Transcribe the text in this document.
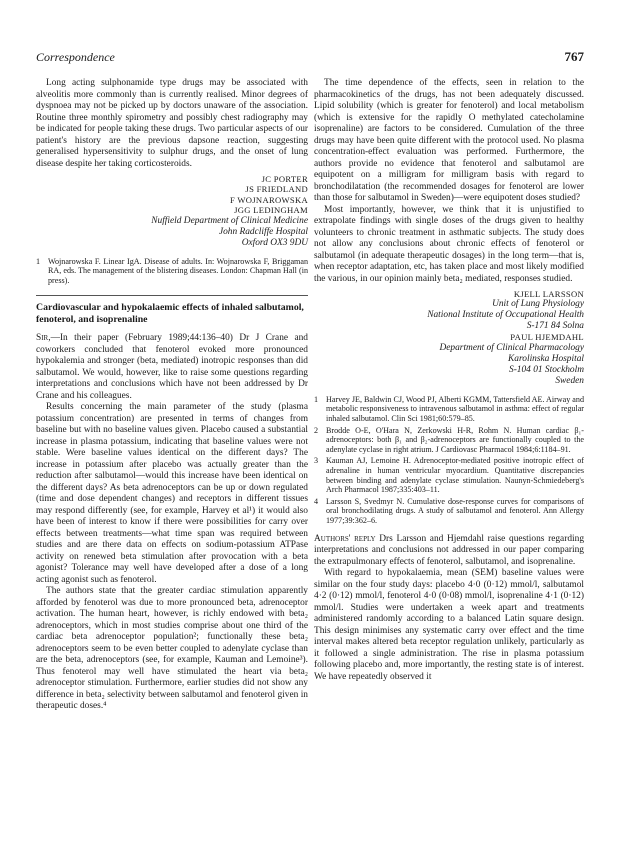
Correspondence	767

Long acting sulphonamide type drugs may be associated with alveolitis more commonly than is currently realised. Minor degrees of dyspnoea may not be picked up by doctors unaware of the association. Routine three monthly spirometry and possibly chest radiography may be indicated for people taking these drugs. Two particular aspects of our patient's history are the previous dapsone reaction, suggesting generalised hypersensitivity to sulphur drugs, and the onset of lung disease despite her taking corticosteroids.

JC PORTER
JS FRIEDLAND
F WOJNAROWSKA
JGG LEDINGHAM
Nuffield Department of Clinical Medicine
John Radcliffe Hospital
Oxford OX3 9DU
1 Wojnarowska F. Linear IgA. Disease of adults. In: Wojnarowska F, Briggaman RA, eds. The management of the blistering diseases. London: Chapman Hall (in press).
Cardiovascular and hypokalaemic effects of inhaled salbutamol, fenoterol, and isoprenaline

Sir,—In their paper (February 1989;44:136–40) Dr J Crane and coworkers concluded that fenoterol evoked more pronounced hypokalemia and stronger (beta, mediated) inotropic responses than did salbutamol. We would, however, like to raise some questions regarding interpretations and conclusions which have not been addressed by Dr Crane and his colleagues.

Results concerning the main parameter of the study (plasma potassium concentration) are presented in terms of changes from baseline but with no baseline values given. Placebo caused a substantial increase in plasma potassium, indicating that baseline values were not stable. Were baseline values identical on the different days? The increase in potassium after placebo was actually greater than the reduction after salbutamol—would this increase have been identical on the different days? As beta adrenoceptors can be up or down regulated (time and dose dependent changes) and receptors in different tissues may respond differently (see, for example, Harvey et al¹) it would also have been of interest to know if there were possibilities for carry over effects between treatments—what time span was required between studies and are there data on effects on sodium-potassium ATPase activity on renewed beta stimulation after provocation with a beta agonist? Tolerance may well have developed after a dose of a long acting agonist such as fenoterol.

The authors state that the greater cardiac stimulation apparently afforded by fenoterol was due to more pronounced beta, adrenoceptor activation. The human heart, however, is richly endowed with beta₂ adrenoceptors, which in most studies comprise about one third of the cardiac beta adrenoceptor population²; functionally these beta₂ adrenoceptors seem to be even better coupled to adenylate cyclase than are the beta, adrenoceptors (see, for example, Kauman and Lemoine³). Thus fenoterol may well have stimulated the heart via beta₂ adrenoceptor stimulation. Furthermore, earlier studies did not show any difference in beta₂ selectivity between salbutamol and fenoterol given in therapeutic doses.⁴

The time dependence of the effects, seen in relation to the pharmacokinetics of the drugs, has not been adequately discussed. Lipid solubility (which is greater for fenoterol) and local metabolism (which is extensive for the rapidly O methylated catecholamine isoprenaline) are factors to be considered. Cumulation of the three drugs may have been quite different with the protocol used. No plasma concentration-effect evaluation was performed. Furthermore, the authors provide no evidence that fenoterol and salbutamol are equipotent on a milligram for milligram basis with regard to bronchodilatation (the recommended dosages for fenoterol are lower than those for salbutamol in Sweden)—were equipotent doses studied?

Most importantly, however, we think that it is unjustified to extrapolate findings with single doses of the drugs given to healthy volunteers to chronic treatment in asthmatic subjects. The study does not allow any conclusions about chronic effects of fenoterol or salbutamol (in adequate therapeutic dosages) in the long term—that is, when receptor adaptation, etc, has taken place and most likely modified the various, in our opinion mainly beta₂ mediated, responses studied.

KJELL LARSSON
Unit of Lung Physiology
National Institute of Occupational Health
S-171 84 Solna
PAUL HJEMDAHL
Department of Clinical Pharmacology
Karolinska Hospital
S-104 01 Stockholm
Sweden
1 Harvey JE, Baldwin CJ, Wood PJ, Alberti KGMM, Tattersfield AE. Airway and metabolic responsiveness to intravenous salbutamol in asthma: effect of regular inhaled salbutamol. Clin Sci 1981;60:579–85.
2 Brodde O-E, O'Hara N, Zerkowski H-R, Rohm N. Human cardiac β₁-adrenoceptors: both β₁ and β₂-adrenoceptors are functionally coupled to the adenylate cyclase in right atrium. J Cardiovasc Pharmacol 1984;6:1184–91.
3 Kauman AJ, Lemoine H. Adrenoceptor-mediated positive inotropic effect of adrenaline in human ventricular myocardium. Quantitative discrepancies between binding and adenylate cyclase stimulation. Naunyn-Schmiedeberg's Arch Pharmacol 1987;335:403–11.
4 Larsson S, Svedmyr N. Cumulative dose-response curves for comparisons of oral bronchodilating drugs. A study of salbutamol and fenoterol. Ann Allergy 1977;39:362–6.

Authors' reply Drs Larsson and Hjemdahl raise questions regarding interpretations and conclusions not addressed in our paper comparing the extrapulmonary effects of fenoterol, salbutamol, and isoprenaline.

With regard to hypokalaemia, mean (SEM) baseline values were similar on the four study days: placebo 4·0 (0·12) mmol/l, salbutamol 4·2 (0·12) mmol/l, fenoterol 4·0 (0·08) mmol/l, isoprenaline 4·1 (0·12) mmol/l. Studies were undertaken a week apart and treatments administered randomly according to a balanced Latin square design. This design minimises any systematic carry over effect and the time interval makes altered beta receptor regulation unlikely, particularly as it followed a single administration. The rise in plasma potassium following placebo and, more importantly, the resting state is of interest. We have repeatedly observed it
